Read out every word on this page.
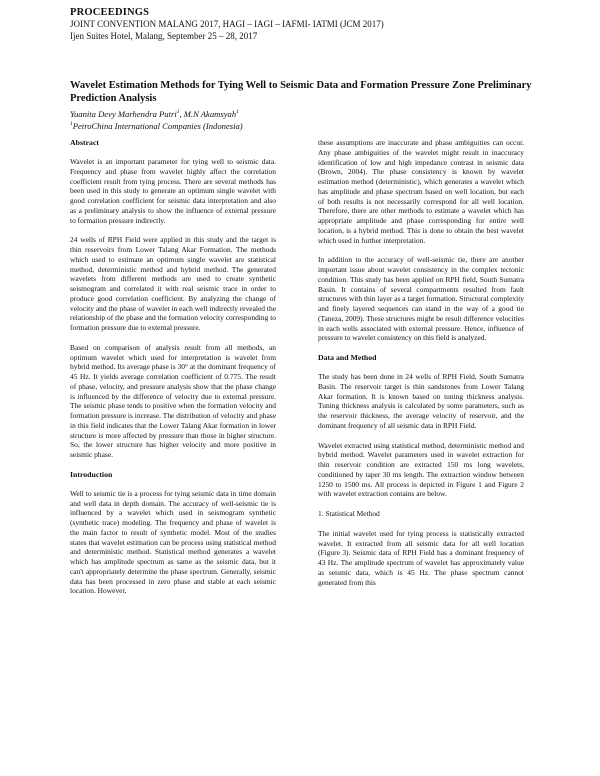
PROCEEDINGS
JOINT CONVENTION MALANG 2017, HAGI – IAGI – IAFMI- IATMI (JCM 2017)
Ijen Suites Hotel, Malang, September 25 – 28, 2017
Wavelet Estimation Methods for Tying Well to Seismic Data and Formation Pressure Zone Preliminary Prediction Analysis
Yuanita Devy Marhendra Putri$^1$, M.N Akamsyah$^1$
$^1$PetroChina International Companies (Indonesia)
Abstract

Wavelet is an important parameter for tying well to seismic data. Frequency and phase from wavelet highly affect the correlation coefficient result from tying process. There are several methods has been used in this study to generate an optimum single wavelet with good correlation coefficient for seismic data interpretation and also as a preliminary analysis to show the influence of external pressure to formation pressure indirectly.

24 wells of RPH Field were applied in this study and the target is thin reservoirs from Lower Talang Akar Formation. The methods which used to estimate an optimum single wavelet are statistical method, deterministic method and hybrid method. The generated wavelets from different methods are used to create synthetic seismogram and correlated it with real seismic trace in order to produce good correlation coefficient. By analyzing the change of velocity and the phase of wavelet in each well indirectly revealed the relationship of the phase and the formation velocity corresponding to formation pressure due to external pressure.

Based on comparison of analysis result from all methods, an optimum wavelet which used for interpretation is wavelet from hybrid method. Its average phase is 30° at the dominant frequency of 45 Hz. It yields average correlation coefficient of 0.775. The result of phase, velocity, and pressure analysis show that the phase change is influenced by the difference of velocity due to external pressure. The seismic phase tends to positive when the formation velocity and formation pressure is increase. The distribution of velocity and phase in this field indicates that the Lower Talang Akar formation in lower structure is more affected by pressure than those in higher structure. So, the lower structure has higher velocity and more positive in seismic phase.

Introduction

Well to seismic tie is a process for tying seismic data in time domain and well data in depth domain. The accuracy of well-seismic tie is influenced by a wavelet which used in seismogram synthetic (synthetic trace) modeling. The frequency and phase of wavelet is the main factor to result of synthetic model. Most of the studies states that wavelet estimation can be process using statistical method and deterministic method. Statistical method generates a wavelet which has amplitude spectrum as same as the seismic data, but it can't appropriately determine the phase spectrum. Generally, seismic data has been processed in zero phase and stable at each seismic location. However,

these assumptions are inaccurate and phase ambiguities can occur. Any phase ambiguities of the wavelet might result in inaccuracy identification of low and high impedance contrast in seismic data (Brown, 2004). The phase consistency is known by wavelet estimation method (deterministic), which generates a wavelet which has amplitude and phase spectrum based on well location, but each of both results is not necessarily correspond for all well location. Therefore, there are other methods to estimate a wavelet which has appropriate amplitude and phase corresponding for entire well location, is a hybrid method. This is done to obtain the best wavelet which used in further interpretation.

In addition to the accuracy of well-seismic tie, there are another important issue about wavelet consistency in the complex tectonic condition. This study has been applied on RPH field, South Sumatra Basin. It contains of several compartments resulted from fault structures with thin layer as a target formation. Structural complexity and finely layered sequences can stand in the way of a good tie (Taneza, 2009). These structures might be result difference velocities in each wells associated with external pressure. Hence, influence of pressure to wavelet consistency on this field is analyzed.

Data and Method

The study has been done in 24 wells of RPH Field, South Sumatra Basin. The reservoir target is thin sandstones from Lower Talang Akar formation. It is known based on tuning thickness analysis. Tuning thickness analysis is calculated by some parameters, such as the reservoir thickness, the average velocity of reservoir, and the dominant frequency of all seismic data in RPH Field.

Wavelet extracted using statistical method, deterministic method and hybrid method. Wavelet parameters used in wavelet extraction for thin reservoir condition are extracted 150 ms long wavelets, conditioned by taper 30 ms length. The extraction window between 1250 to 1500 ms. All process is depicted in Figure 1 and Figure 2 with wavelet extraction contains are below.

1. Statistical Method

The initial wavelet used for tying process is statistically extracted wavelet. It extracted from all seismic data for all well location (Figure 3). Seismic data of RPH Field has a dominant frequency of 43 Hz. The amplitude spectrum of wavelet has approximately value as seismic data, which is 45 Hz. The phase spectrum cannot generated from this
